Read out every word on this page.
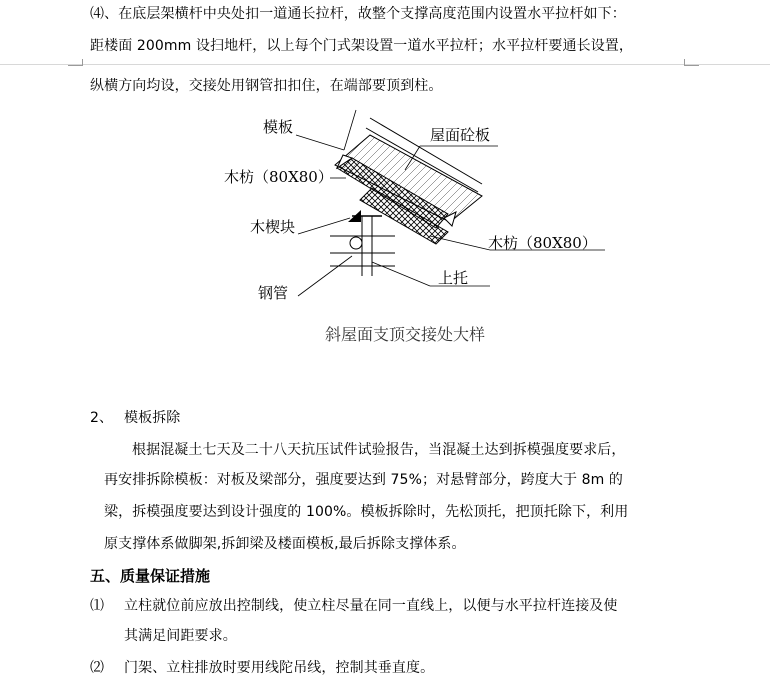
⑷、在底层架横杆中央处扣一道通长拉杆，故整个支撑高度范围内设置水平拉杆如下：
距楼面 200mm 设扫地杆，以上每个门式架设置一道水平拉杆；水平拉杆要通长设置，
纵横方向均设，交接处用钢管扣扣住，在端部要顶到柱。
模板	屋面砼板
木枋（80X80）
木楔块
木枋（80X80）
上托
钢管
斜屋面支顶交接处大样
2、 模板拆除
根据混凝土七天及二十八天抗压试件试验报告，当混凝土达到拆模强度要求后，
再安排拆除模板：对板及梁部分，强度要达到 75%；对悬臂部分，跨度大于 8m 的
梁，拆模强度要达到设计强度的 100%。模板拆除时，先松顶托，把顶托除下，利用
原支撑体系做脚架,拆卸梁及楼面模板,最后拆除支撑体系。
五、质量保证措施
⑴ 立柱就位前应放出控制线，使立柱尽量在同一直线上，以便与水平拉杆连接及使
其满足间距要求。
⑵ 门架、立柱排放时要用线陀吊线，控制其垂直度。
